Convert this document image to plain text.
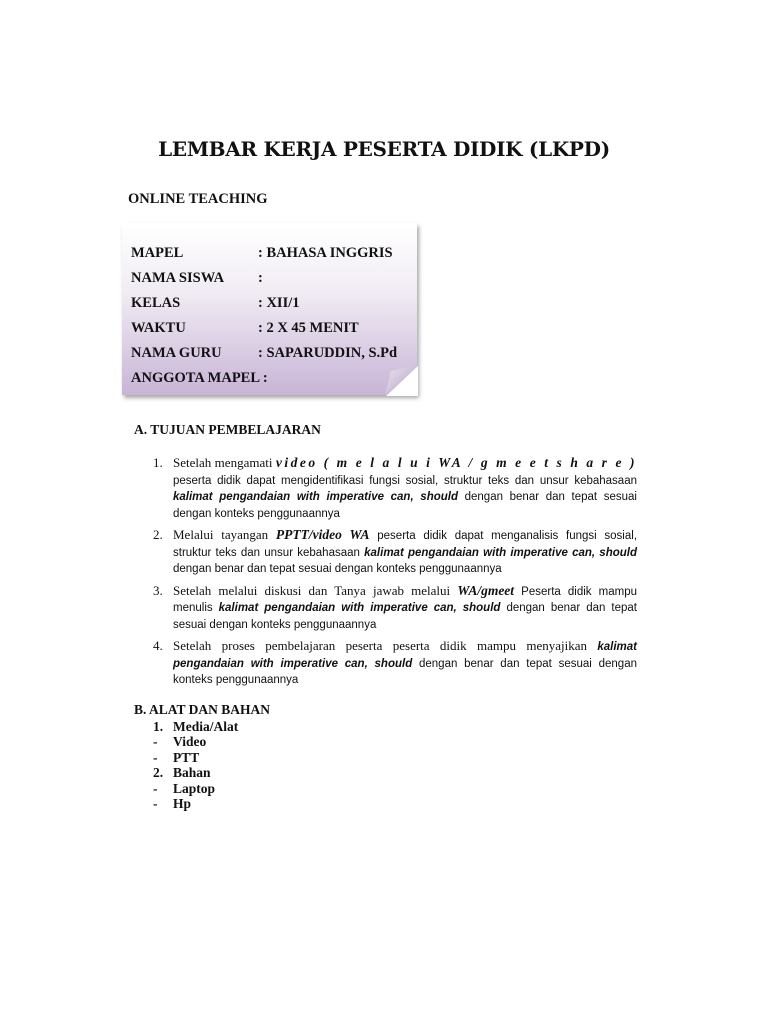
LEMBAR KERJA PESERTA DIDIK (LKPD)
ONLINE TEACHING
MAPEL	: BAHASA INGGRIS
NAMA SISWA :
KELAS	: XII/1
WAKTU	: 2 X 45 MENIT
NAMA GURU	: SAPARUDDIN, S.Pd
ANGGOTA MAPEL :
A. TUJUAN PEMBELAJARAN
1. Setelah mengamati video ( m e l a l u i WA / g m e e t s h a r e ) peserta didik dapat mengidentifikasi fungsi sosial, struktur teks dan unsur kebahasaan kalimat pengandaian with imperative can, should dengan benar dan tepat sesuai dengan konteks penggunaannya
2. Melalui tayangan PPTT/video WA peserta didik dapat menganalisis fungsi sosial, struktur teks dan unsur kebahasaan kalimat pengandaian with imperative can, should dengan benar dan tepat sesuai dengan konteks penggunaannya
3. Setelah melalui diskusi dan Tanya jawab melalui WA/gmeet Peserta didik mampu menulis kalimat pengandaian with imperative can, should dengan benar dan tepat sesuai dengan konteks penggunaannya
4. Setelah proses pembelajaran peserta peserta didik mampu menyajikan kalimat pengandaian with imperative can, should dengan benar dan tepat sesuai dengan konteks penggunaannya
B. ALAT DAN BAHAN
1. Media/Alat
-	Video
-	PTT
2. Bahan
-	Laptop
-	Hp
